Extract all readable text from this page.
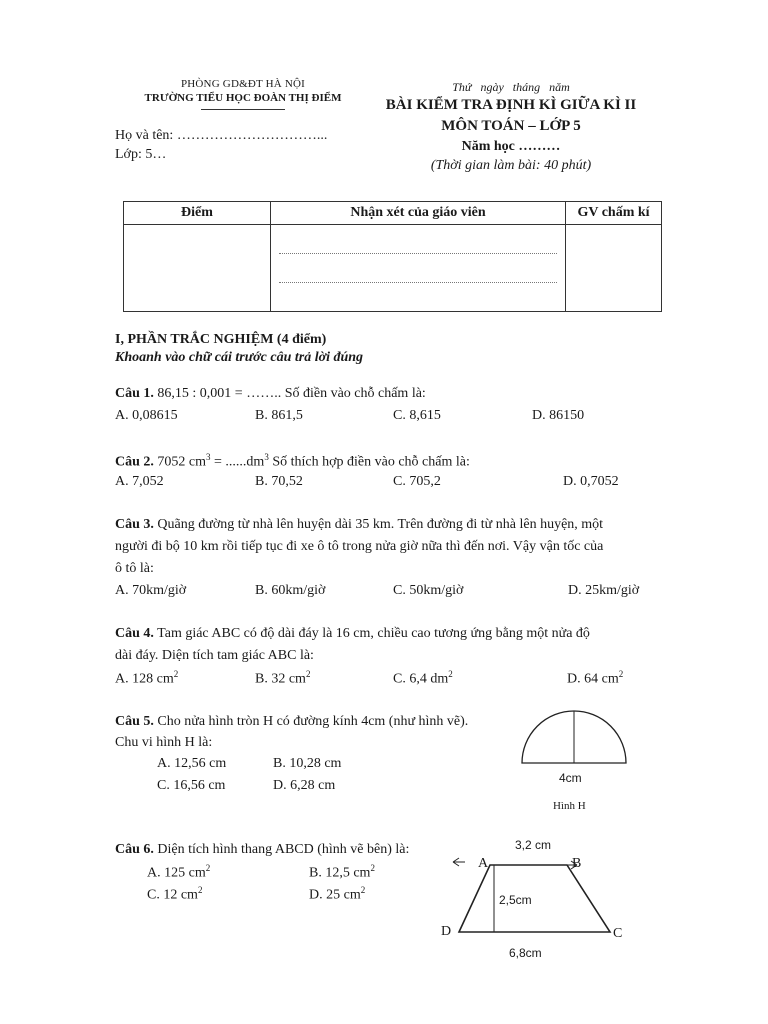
PHÒNG GD&ĐT HÀ NỘI
TRƯỜNG TIỂU HỌC ĐOÀN THỊ ĐIỂM
Họ và tên: …………………………...
Lớp: 5…
Thứ ngày tháng năm
BÀI KIỂM TRA ĐỊNH KÌ GIỮA KÌ II
MÔN TOÁN – LỚP 5
Năm học ………
(Thời gian làm bài: 40 phút)
Điểm	Nhận xét của giáo viên	GV chấm kí

I, PHẦN TRẮC NGHIỆM (4 điểm)
Khoanh vào chữ cái trước câu trả lời đúng
Câu 1. 86,15 : 0,001 = …….. Số điền vào chỗ chấm là:
A. 0,08615	B. 861,5	C. 8,615	D. 86150
Câu 2. 7052 $cm^3 = ......dm^3$ Số thích hợp điền vào chỗ chấm là:
A. 7,052	B. 70,52	C. 705,2	D. 0,7052
Câu 3. Quãng đường từ nhà lên huyện dài 35 km. Trên đường đi từ nhà lên huyện, một
người đi bộ 10 km rồi tiếp tục đi xe ô tô trong nửa giờ nữa thì đến nơi. Vậy vận tốc của
ô tô là:
A. 70km/giờ	B. 60km/giờ	C. 50km/giờ	D. 25km/giờ
Câu 4. Tam giác ABC có độ dài đáy là 16 cm, chiều cao tương ứng bằng một nửa độ
dài đáy. Diện tích tam giác ABC là:
A. 128 $cm^2$	B. 32 $cm^2$	C. 6,4 $dm^2$	D. 64 $cm^2$
Câu 5. Cho nửa hình tròn H có đường kính 4cm (như hình vẽ).
Chu vi hình H là:
A. 12,56 cm	B. 10,28 cm
C. 16,56 cm	D. 6,28 cm	4cm
Hình H
Câu 6. Diện tích hình thang ABCD (hình vẽ bên) là:
A. 125 $cm^2$	B. 12,5 $cm^2$
C. 12 $cm^2$	D. 25 $cm^2$
3,2 cm
A	B
2,5cm
D	C
6,8cm
